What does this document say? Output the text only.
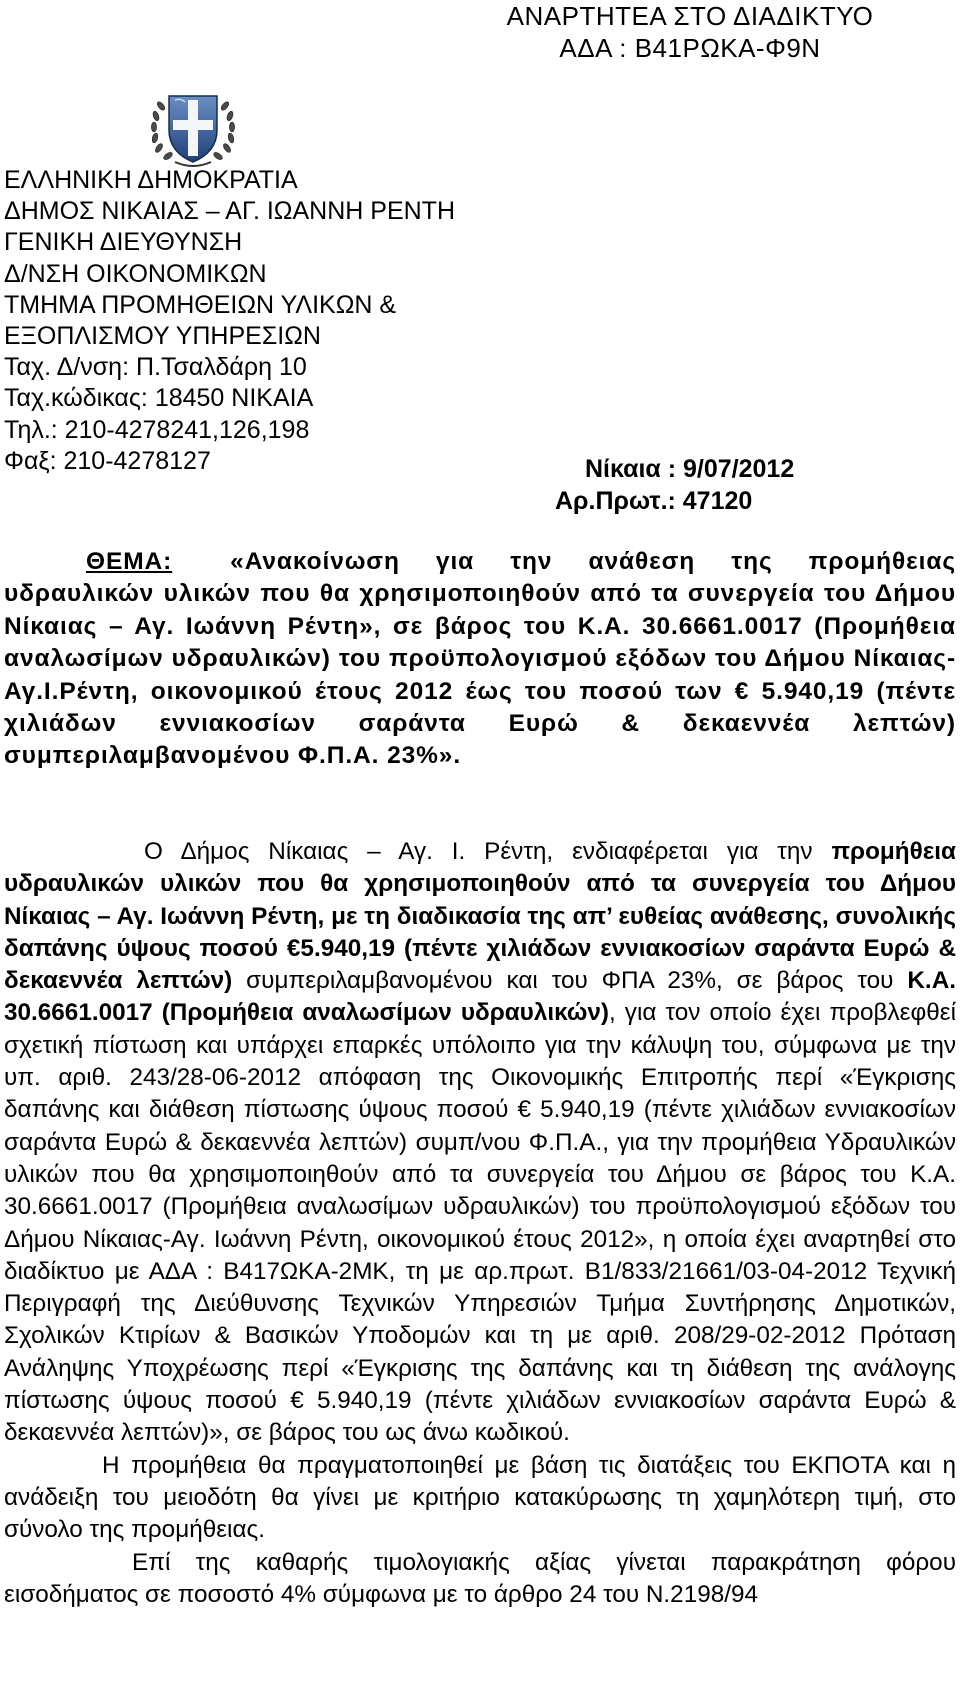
ΑΝΑΡΤΗΤΕΑ ΣΤΟ ΔΙΑΔΙΚΤΥΟ
ΑΔΑ : Β41ΡΩΚΑ-Φ9Ν
ΕΛΛΗΝΙΚΗ ΔΗΜΟΚΡΑΤΙΑ
ΔΗΜΟΣ ΝΙΚΑΙΑΣ – ΑΓ. ΙΩΑΝΝΗ ΡΕΝΤΗ
ΓΕΝΙΚΗ ΔΙΕΥΘΥΝΣΗ
Δ/ΝΣΗ ΟΙΚΟΝΟΜΙΚΩΝ
ΤΜΗΜΑ ΠΡΟΜΗΘΕΙΩΝ ΥΛΙΚΩΝ &
ΕΞΟΠΛΙΣΜΟΥ ΥΠΗΡΕΣΙΩΝ
Ταχ. Δ/νση: Π.Τσαλδάρη 10
Ταχ.κώδικας: 18450 ΝΙΚΑΙΑ
Τηλ.: 210-4278241,126,198
Φαξ: 210-4278127	Νίκαια : 9/07/2012
Αρ.Πρωτ.: 47120
ΘΕΜΑ: «Ανακοίνωση για την ανάθεση της προμήθειας υδραυλικών υλικών που θα χρησιμοποιηθούν από τα συνεργεία του Δήμου Νίκαιας – Αγ. Ιωάννη Ρέντη», σε βάρος του Κ.Α. 30.6661.0017 (Προμήθεια αναλωσίμων υδραυλικών) του προϋπολογισμού εξόδων του Δήμου Νίκαιας-Αγ.Ι.Ρέντη, οικονομικού έτους 2012 έως του ποσού των € 5.940,19 (πέντε χιλιάδων εννιακοσίων σαράντα Ευρώ & δεκαεννέα λεπτών) συμπεριλαμβανομένου Φ.Π.Α. 23%».

Ο Δήμος Νίκαιας – Αγ. Ι. Ρέντη, ενδιαφέρεται για την προμήθεια υδραυλικών υλικών που θα χρησιμοποιηθούν από τα συνεργεία του Δήμου Νίκαιας – Αγ. Ιωάννη Ρέντη, με τη διαδικασία της απ’ ευθείας ανάθεσης, συνολικής δαπάνης ύψους ποσού €5.940,19 (πέντε χιλιάδων εννιακοσίων σαράντα Ευρώ & δεκαεννέα λεπτών) συμπεριλαμβανομένου και του ΦΠΑ 23%, σε βάρος του Κ.Α. 30.6661.0017 (Προμήθεια αναλωσίμων υδραυλικών), για τον οποίο έχει προβλεφθεί σχετική πίστωση και υπάρχει επαρκές υπόλοιπο για την κάλυψη του, σύμφωνα με την υπ. αριθ. 243/28-06-2012 απόφαση της Οικονομικής Επιτροπής περί «Έγκρισης δαπάνης και διάθεση πίστωσης ύψους ποσού € 5.940,19 (πέντε χιλιάδων εννιακοσίων σαράντα Ευρώ & δεκαεννέα λεπτών) συμπ/νου Φ.Π.Α., για την προμήθεια Υδραυλικών υλικών που θα χρησιμοποιηθούν από τα συνεργεία του Δήμου σε βάρος του Κ.Α. 30.6661.0017 (Προμήθεια αναλωσίμων υδραυλικών) του προϋπολογισμού εξόδων του Δήμου Νίκαιας-Αγ. Ιωάννη Ρέντη, οικονομικού έτους 2012», η οποία έχει αναρτηθεί στο διαδίκτυο με ΑΔΑ : Β417ΩΚΑ-2ΜΚ, τη με αρ.πρωτ. Β1/833/21661/03-04-2012 Τεχνική Περιγραφή της Διεύθυνσης Τεχνικών Υπηρεσιών Τμήμα Συντήρησης Δημοτικών, Σχολικών Κτιρίων & Βασικών Υποδομών και τη με αριθ. 208/29-02-2012 Πρόταση Ανάληψης Υποχρέωσης περί «Έγκρισης της δαπάνης και τη διάθεση της ανάλογης πίστωσης ύψους ποσού € 5.940,19 (πέντε χιλιάδων εννιακοσίων σαράντα Ευρώ & δεκαεννέα λεπτών)», σε βάρος του ως άνω κωδικού.

Η προμήθεια θα πραγματοποιηθεί με βάση τις διατάξεις του ΕΚΠΟΤΑ και η ανάδειξη του μειοδότη θα γίνει με κριτήριο κατακύρωσης τη χαμηλότερη τιμή, στο σύνολο της προμήθειας.

Επί της καθαρής τιμολογιακής αξίας γίνεται παρακράτηση φόρου εισοδήματος σε ποσοστό 4% σύμφωνα με το άρθρο 24 του Ν.2198/94
